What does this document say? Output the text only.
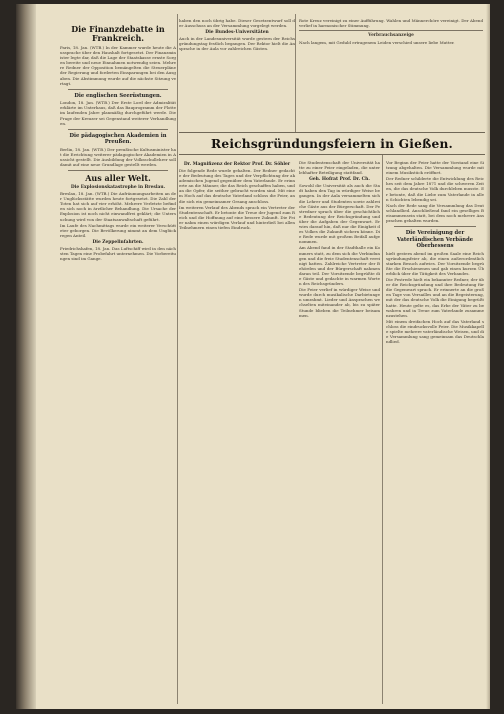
Die Finanzdebatte in Frankreich.
Paris, 18. Jan. (WTB.) In der Kammer wurde heute die Aussprache über den Haushalt fortgesetzt. Der Finanzminister legte dar, daß die Lage der Staatskasse ernste Sorgen bereite und neue Einnahmen notwendig seien. Mehrere Redner der Opposition bemängelten die Steuerpläne der Regierung und forderten Einsparungen bei den Ausgaben. Die Abstimmung wurde auf die nächste Sitzung vertagt.
Die englischen Seerüstungen.
London, 18. Jan. (WTB.) Der Erste Lord der Admiralität erklärte im Unterhaus, daß das Bauprogramm der Flotte im laufenden Jahre planmäßig durchgeführt werde. Die Frage der Kreuzer sei Gegenstand weiterer Verhandlungen.
Die pädagogischen Akademien in Preußen.
Berlin, 18. Jan. (WTB.) Der preußische Kultusminister hat die Errichtung weiterer pädagogischer Akademien in Aussicht gestellt. Die Ausbildung der Volksschullehrer soll damit auf eine neue Grundlage gestellt werden.
Aus aller Welt.
Die Explosionskatastrophe in Breslau.
Breslau, 18. Jan. (WTB.) Die Aufräumungsarbeiten an der Unglücksstätte wurden heute fortgesetzt. Die Zahl der Toten hat sich auf vier erhöht. Mehrere Verletzte befinden sich noch in ärztlicher Behandlung. Die Ursache der Explosion ist noch nicht einwandfrei geklärt; die Untersuchung wird von der Staatsanwaltschaft geführt.
Im Laufe des Nachmittags wurde ein weiterer Verschütteter geborgen. Die Bevölkerung nimmt an dem Unglück regen Anteil.
Die Zeppelinfahrten.
Friedrichshafen, 18. Jan. Das Luftschiff wird in den nächsten Tagen eine Probefahrt unternehmen. Die Vorbereitungen sind im Gange.
haben den noch übrig habe. Dieser Gesetzentwurf soll der Ausschuss an der Versammlung vorgelegt werden.
Die Bundes-Universitäten
Auch in der Landesuniversität wurde gestern der Reichsgründungstag festlich begangen. Der Rektor hielt die Ansprache in der Aula vor zahlreichen Gästen.
Rote Kreuz vereinigt zu einer Aufführung. Wahlen und Männerchöre vereinigt. Der Abend verlief in harmonischer Stimmung.
Verbrauchsanzeige
Nach langem, mit Geduld ertragenem Leiden verschied unsere liebe Mutter.
Reichsgründungsfeiern in Gießen.
Dr. Magnifizenz der Rektor Prof. Dr. Söhler
Die folgende Rede wurde gehalten. Der Redner gedachte der Bedeutung des Tages und der Verpflichtung der akademischen Jugend gegenüber dem Vaterlande. Er erinnerte an die Männer, die das Reich geschaffen haben, und an die Opfer, die seither gebracht worden sind. Mit einem Hoch auf das deutsche Vaterland schloss die Feier, an die sich ein gemeinsamer Gesang anschloss.
Im weiteren Verlauf des Abends sprach ein Vertreter der Studentenschaft. Er betonte die Treue der Jugend zum Reich und die Hoffnung auf eine bessere Zukunft. Die Feier nahm einen würdigen Verlauf und hinterließ bei allen Teilnehmern einen tiefen Eindruck.
Die Studentenschaft der Universität hatte zu einer Feier eingeladen, die unter lebhafter Beteiligung stattfand.
Geh. Hofrat Prof. Dr. Ch.
Sowohl die Universität als auch die Stadt haben den Tag in würdiger Weise begangen. In der Aula versammelten sich die Lehrer und Studenten sowie zahlreiche Gäste aus der Bürgerschaft. Der Festredner sprach über die geschichtliche Bedeutung der Reichsgründung und über die Aufgaben der Gegenwart. Er wies darauf hin, daß nur die Einigkeit des Volkes die Zukunft sichern könne. Die Rede wurde mit großem Beifall aufgenommen.
Am Abend fand in der Stadthalle ein Kommers statt, zu dem sich die Verbindungen und die freie Studentenschaft vereinigt hatten. Zahlreiche Vertreter der Behörden und der Bürgerschaft nahmen daran teil. Der Vorsitzende begrüßte die Gäste und gedachte in warmen Worten des Reichsgründers.
Die Feier verlief in würdiger Weise und wurde durch musikalische Darbietungen umrahmt. Lieder und Ansprachen wechselten miteinander ab, bis zu später Stunde blieben die Teilnehmer beisammen.
Vor Beginn der Feier hatte der Vorstand eine Sitzung abgehalten. Die Versammlung wurde mit einem Musikstück eröffnet.
Der Redner schilderte die Entwicklung des Reiches seit dem Jahre 1871 und die schweren Zeiten, die das deutsche Volk durchleben musste. Er betonte, daß die Liebe zum Vaterlande in allen Schichten lebendig sei.
Nach der Rede sang die Versammlung das Deutschlandlied. Anschließend fand ein geselliges Beisammensein statt, bei dem noch mehrere Ansprachen gehalten wurden.
Die Vereinigung der Vaterländischen Verbände Oberhessens
hielt gestern abend im großen Saale eine Reichsgründungsfeier ab, die einen außerordentlich starken Besuch aufwies. Der Vorsitzende begrüßte die Erschienenen und gab einen kurzen Überblick über die Tätigkeit des Verbandes.
Die Festrede hielt ein bekannter Redner, der über die Reichsgründung und ihre Bedeutung für die Gegenwart sprach. Er erinnerte an die großen Tage von Versailles und an die Begeisterung, mit der das deutsche Volk die Einigung begrüßt hatte. Heute gelte es, das Erbe der Väter zu bewahren und in Treue zum Vaterlande zusammenzustehen.
Mit einem dreifachen Hoch auf das Vaterland schloss die eindrucksvolle Feier. Die Musikkapelle spielte mehrere vaterländische Weisen, und die Versammlung sang gemeinsam das Deutschlandlied.
